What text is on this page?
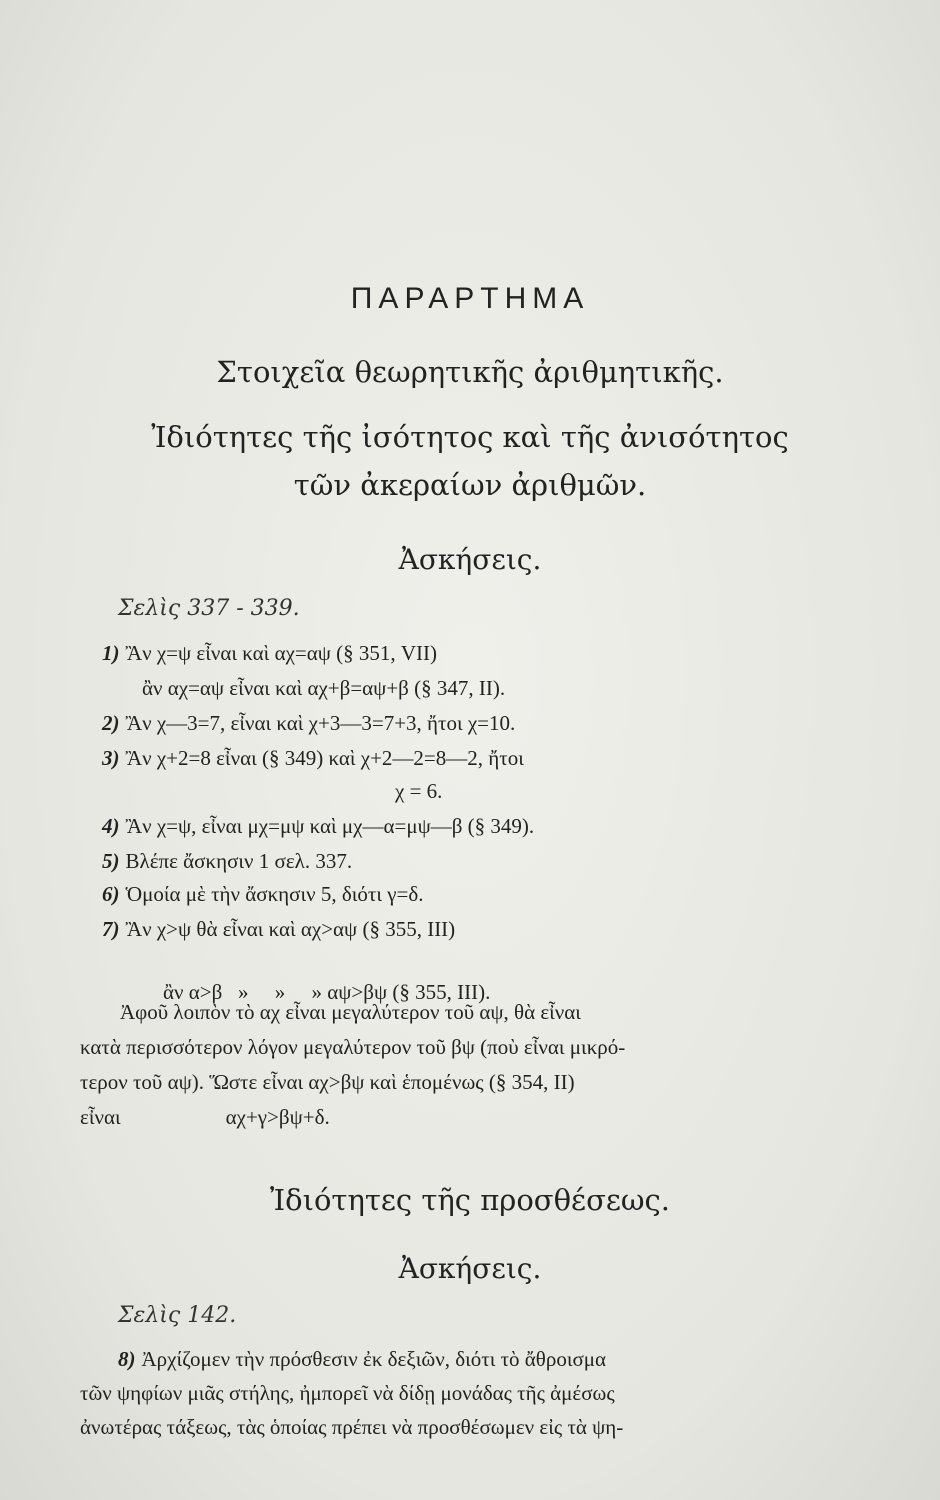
ΠΑΡΑΡΤΗΜΑ
Στοιχεῖα θεωρητικῆς ἀριθμητικῆς.
Ἰδιότητες τῆς ἰσότητος καὶ τῆς ἀνισότητος
τῶν ἀκεραίων ἀριθμῶν.
Ἀσκήσεις.
Σελὶς 337 - 339.
1) Ἂν χ=ψ εἶναι καὶ αχ=αψ (§ 351, VII)
ἂν αχ=αψ εἶναι καὶ αχ+β=αψ+β (§ 347, II).
2) Ἂν χ—3=7, εἶναι καὶ χ+3—3=7+3, ἤτοι χ=10.
3) Ἂν χ+2=8 εἶναι (§ 349) καὶ χ+2—2=8—2, ἤτοι
χ = 6.
4) Ἂν χ=ψ, εἶναι μχ=μψ καὶ μχ—α=μψ—β (§ 349).
5) Βλέπε ἄσκησιν 1 σελ. 337.
6) Ὁμοία μὲ τὴν ἄσκησιν 5, διότι γ=δ.
7) Ἂν χ>ψ θὰ εἶναι καὶ αχ>αψ (§ 355, III)

ἂν α>β   »     »     » αψ>βψ (§ 355, III).

Ἀφοῦ λοιπὸν τὸ αχ εἶναι μεγαλύτερον τοῦ αψ, θὰ εἶναι
κατὰ περισσότερον λόγον μεγαλύτερον τοῦ βψ (ποὺ εἶναι μικρό-
τερον τοῦ αψ). Ὥστε εἶναι αχ>βψ καὶ ἑπομένως (§ 354, II)
εἶναι                    αχ+γ>βψ+δ.
Ἰδιότητες τῆς προσθέσεως.
Ἀσκήσεις.
Σελὶς 142.
8) Ἀρχίζομεν τὴν πρόσθεσιν ἐκ δεξιῶν, διότι τὸ ἄθροισμα
τῶν ψηφίων μιᾶς στήλης, ἠμπορεῖ νὰ δίδῃ μονάδας τῆς ἀμέσως
ἀνωτέρας τάξεως, τὰς ὁποίας πρέπει νὰ προσθέσωμεν εἰς τὰ ψη-
